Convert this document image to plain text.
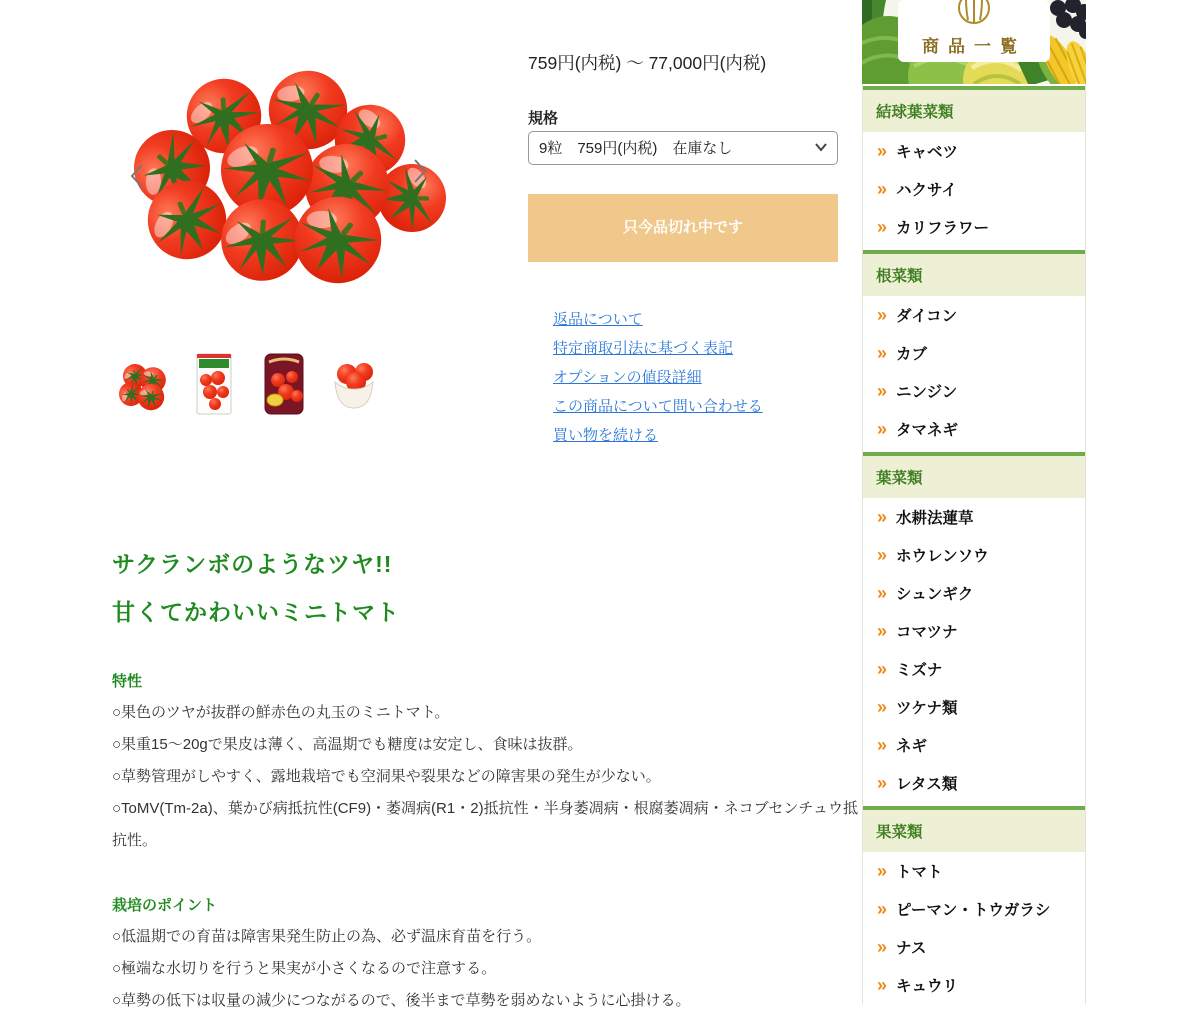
759円(内税) ～ 77,000円(内税)
規格
9粒　759円(内税)　在庫なし
只今品切れ中です
返品について
特定商取引法に基づく表記
オプションの値段詳細
この商品について問い合わせる
買い物を続ける
サクランボのようなツヤ!!
甘くてかわいいミニトマト
特性

○果色のツヤが抜群の鮮赤色の丸玉のミニトマト。

○果重15～20gで果皮は薄く、高温期でも糖度は安定し、食味は抜群。

○草勢管理がしやすく、露地栽培でも空洞果や裂果などの障害果の発生が少ない。

○ToMV(Tm-2a)、葉かび病抵抗性(CF9)・萎凋病(R1・2)抵抗性・半身萎凋病・根腐萎凋病・ネコブセンチュウ抵抗性。

栽培のポイント

○低温期での育苗は障害果発生防止の為、必ず温床育苗を行う。

○極端な水切りを行うと果実が小さくなるので注意する。

○草勢の低下は収量の減少につながるので、後半まで草勢を弱めないように心掛ける。

商品一覧
結球葉菜類
» キャベツ
» ハクサイ
» カリフラワー
根菜類
» ダイコン
» カブ
» ニンジン
» タマネギ
葉菜類
» 水耕法蓮草
» ホウレンソウ
» シュンギク
» コマツナ
» ミズナ
» ツケナ類
» ネギ
» レタス類
果菜類
» トマト
» ピーマン・トウガラシ
» ナス
» キュウリ
